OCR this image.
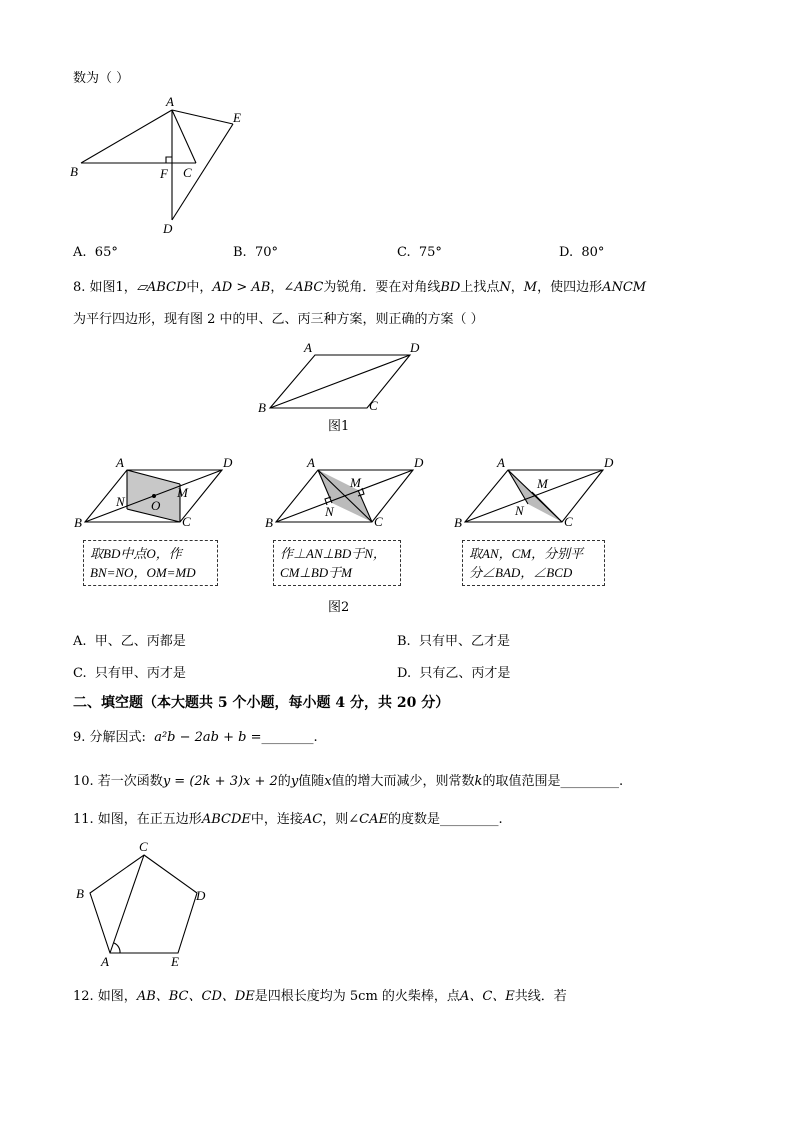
数为（ ）
A
B	C
D
E
F
A. 65°	B. 70°	C. 75°	D. 80°
8. 如图1，▱ABCD中，AD > AB，∠ABC为锐角．要在对角线BD上找点N，M，使四边形ANCM
为平行四边形，现有图 2 中的甲、乙、丙三种方案，则正确的方案（ ）
A	D
B	C
图1
A	D
B	C
N
M
O
A	D
B	C
N
M
A	D
B	C
N
M
取BD中点O，作
BN=NO，OM=MD
作⊥AN⊥BD于N，
CM⊥BD于M
取AN，CM，分别平
分∠BAD，∠BCD
图2
A. 甲、乙、丙都是	B. 只有甲、乙才是
C. 只有甲、丙才是	D. 只有乙、丙才是
二、填空题（本大题共 5 个小题，每小题 4 分，共 20 分）
9. 分解因式: a²b − 2ab + b =________.
10. 若一次函数y = (2k + 3)x + 2的y值随x值的增大而减少，则常数k的取值范围是_________.
11. 如图，在正五边形ABCDE中，连接AC，则∠CAE的度数是_________.
C
B	D
A	E
12. 如图，AB、BC、CD、DE是四根长度均为 5cm 的火柴棒，点A、C、E共线．若
